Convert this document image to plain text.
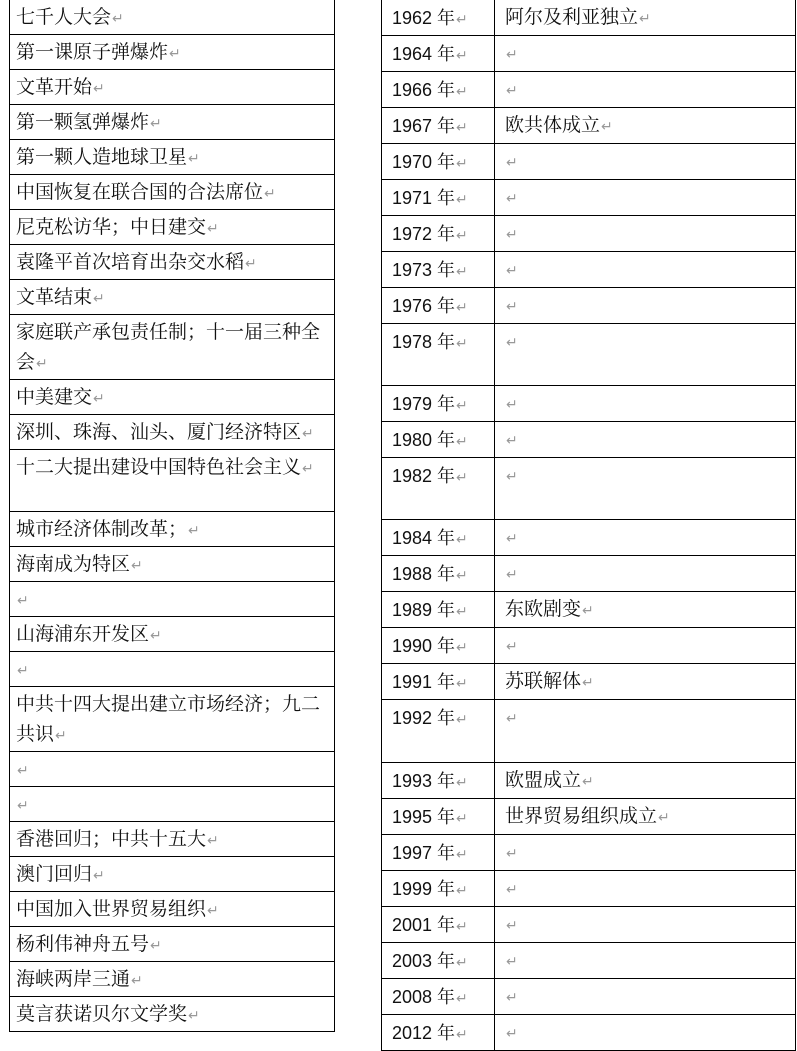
七千人大会↵
第一课原子弹爆炸↵
文革开始↵
第一颗氢弹爆炸↵
第一颗人造地球卫星↵
中国恢复在联合国的合法席位↵
尼克松访华；中日建交↵
袁隆平首次培育出杂交水稻↵
文革结束↵
家庭联产承包责任制；十一届三种全会↵
中美建交↵
深圳、珠海、汕头、厦门经济特区↵
十二大提出建设中国特色社会主义↵
城市经济体制改革；↵
海南成为特区↵
↵
山海浦东开发区↵
↵
中共十四大提出建立市场经济；九二共识↵
↵
↵
香港回归；中共十五大↵
澳门回归↵
中国加入世界贸易组织↵
杨利伟神舟五号↵
海峡两岸三通↵
莫言获诺贝尔文学奖↵
1962 年↵	阿尔及利亚独立↵
1964 年↵	↵
1966 年↵	↵
1967 年↵	欧共体成立↵
1970 年↵	↵
1971 年↵	↵
1972 年↵	↵
1973 年↵	↵
1976 年↵	↵
1978 年↵	↵
1979 年↵	↵
1980 年↵	↵
1982 年↵	↵
1984 年↵	↵
1988 年↵	↵
1989 年↵	东欧剧变↵
1990 年↵	↵
1991 年↵	苏联解体↵
1992 年↵	↵
1993 年↵	欧盟成立↵
1995 年↵	世界贸易组织成立↵
1997 年↵	↵
1999 年↵	↵
2001 年↵	↵
2003 年↵	↵
2008 年↵	↵
2012 年↵	↵
